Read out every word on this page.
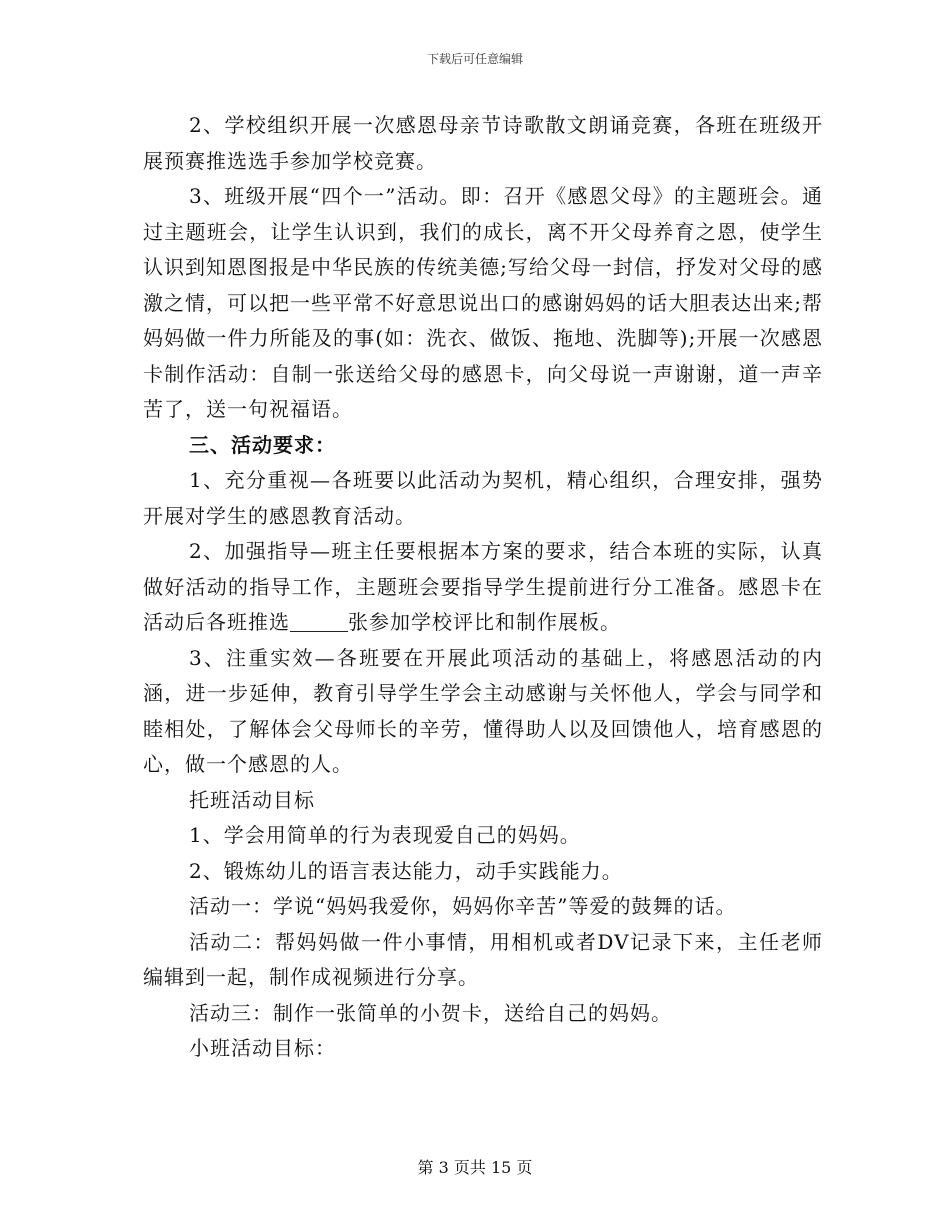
下载后可任意编辑

2、学校组织开展一次感恩母亲节诗歌散文朗诵竞赛，各班在班级开展预赛推选选手参加学校竞赛。

3、班级开展“四个一”活动。即：召开《感恩父母》的主题班会。通过主题班会，让学生认识到，我们的成长，离不开父母养育之恩，使学生认识到知恩图报是中华民族的传统美德;写给父母一封信，抒发对父母的感激之情，可以把一些平常不好意思说出口的感谢妈妈的话大胆表达出来;帮妈妈做一件力所能及的事(如：洗衣、做饭、拖地、洗脚等);开展一次感恩卡制作活动：自制一张送给父母的感恩卡，向父母说一声谢谢，道一声辛苦了，送一句祝福语。

三、活动要求：

1、充分重视—各班要以此活动为契机，精心组织，合理安排，强势开展对学生的感恩教育活动。

2、加强指导—班主任要根据本方案的要求，结合本班的实际，认真做好活动的指导工作，主题班会要指导学生提前进行分工准备。感恩卡在活动后各班推选	张参加学校评比和制作展板。

3、注重实效—各班要在开展此项活动的基础上，将感恩活动的内涵，进一步延伸，教育引导学生学会主动感谢与关怀他人，学会与同学和睦相处，了解体会父母师长的辛劳，懂得助人以及回馈他人，培育感恩的心，做一个感恩的人。

托班活动目标

1、学会用简单的行为表现爱自己的妈妈。

2、锻炼幼儿的语言表达能力，动手实践能力。

活动一：学说“妈妈我爱你，妈妈你辛苦”等爱的鼓舞的话。

活动二：帮妈妈做一件小事情，用相机或者DV记录下来，主任老师编辑到一起，制作成视频进行分享。

活动三：制作一张简单的小贺卡，送给自己的妈妈。

小班活动目标：

第 3 页共 15 页
